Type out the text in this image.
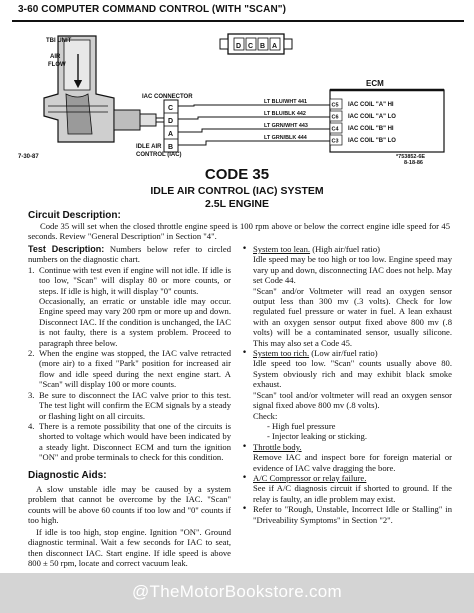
3-60 COMPUTER COMMAND CONTROL (WITH "SCAN")
TBI UNIT
AIR
FLOW
C
D
A
B
IAC CONNECTOR
IDLE AIR
CONTROL (IAC)
7-30-87
D C B A
LT BLU/WHT 441
LT BLU/BLK 442
LT GRN/WHT 443
LT GRN/BLK 444
ECM
C5
C6
C4
C3
IAC COIL "A" HI
IAC COIL "A" LO
IAC COIL "B" HI
IAC COIL "B" LO
*753852-6E
8-18-86
CODE 35
IDLE AIR CONTROL (IAC) SYSTEM
2.5L ENGINE
Circuit Description:

Code 35 will set when the closed throttle engine speed is 100 rpm above or below the correct engine idle speed for 45 seconds. Review "General Description" in Section "4".

Test Description: Numbers below refer to circled numbers on the diagnostic chart.
1. Continue with test even if engine will not idle. If idle is too low, "Scan" will display 80 or more counts, or steps. If idle is high, it will display "0" counts.
Occasionally, an erratic or unstable idle may occur. Engine speed may vary 200 rpm or more up and down. Disconnect IAC. If the condition is unchanged, the IAC is not faulty, there is a system problem. Proceed to paragraph three below.
2. When the engine was stopped, the IAC valve retracted (more air) to a fixed "Park" position for increased air flow and idle speed during the next engine start. A "Scan" will display 100 or more counts.
3. Be sure to disconnect the IAC valve prior to this test. The test light will confirm the ECM signals by a steady or flashing light on all circuits.
4. There is a remote possibility that one of the circuits is shorted to voltage which would have been indicated by a steady light. Disconnect ECM and turn the ignition "ON" and probe terminals to check for this condition.
Diagnostic Aids:

A slow unstable idle may be caused by a system problem that cannot be overcome by the IAC. "Scan" counts will be above 60 counts if too low and "0" counts if too high.

If idle is too high, stop engine. Ignition "ON". Ground diagnostic terminal. Wait a few seconds for IAC to seat, then disconnect IAC. Start engine. If idle speed is above 800 ± 50 rpm, locate and correct vacuum leak.

• System too lean. (High air/fuel ratio)
Idle speed may be too high or too low. Engine speed may vary up and down, disconnecting IAC does not help. May set Code 44.
"Scan" and/or Voltmeter will read an oxygen sensor output less than 300 mv (.3 volts). Check for low regulated fuel pressure or water in fuel. A lean exhaust with an oxygen sensor output fixed above 800 mv (.8 volts) will be a contaminated sensor, usually silicone. This may also set a Code 45.
• System too rich. (Low air/fuel ratio)
Idle speed too low. "Scan" counts usually above 80. System obviously rich and may exhibit black smoke exhaust.
"Scan" tool and/or voltmeter will read an oxygen sensor signal fixed above 800 mv (.8 volts).
Check:
- High fuel pressure
- Injector leaking or sticking.
• Throttle body.
Remove IAC and inspect bore for foreign material or evidence of IAC valve dragging the bore.
• A/C Compressor or relay failure.
See if A/C diagnosis circuit if shorted to ground. If the relay is faulty, an idle problem may exist.
• Refer to "Rough, Unstable, Incorrect Idle or Stalling" in "Driveability Symptoms" in Section "2".
@TheMotorBookstore.com
